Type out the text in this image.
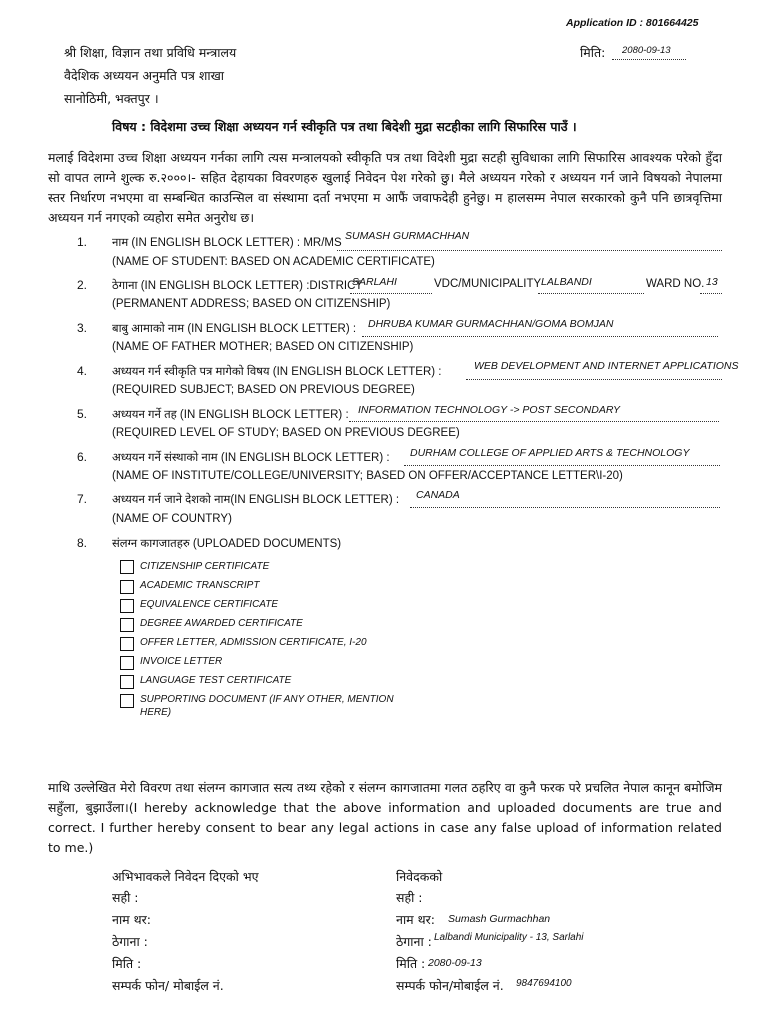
Application ID : 801664425
श्री शिक्षा, विज्ञान तथा प्रविधि मन्त्रालय
वैदेशिक अध्ययन अनुमति पत्र शाखा
सानोठिमी, भक्तपुर ।
मिति: 2080-09-13
विषय : विदेशमा उच्च शिक्षा अध्ययन गर्न स्वीकृति पत्र तथा बिदेशी मुद्रा सटहीका लागि सिफारिस पाउँ ।
मलाई विदेशमा उच्च शिक्षा अध्ययन गर्नका लागि त्यस मन्त्रालयको स्वीकृति पत्र तथा विदेशी मुद्रा सटही सुविधाका लागि सिफारिस आवश्यक परेको हुँदा सो वापत लाग्ने शुल्क रु.२०००।- सहित देहायका विवरणहरु खुलाई निवेदन पेश गरेको छु। मैले अध्ययन गरेको र अध्ययन गर्न जाने विषयको नेपालमा स्तर निर्धारण नभएमा वा सम्बन्धित काउन्सिल वा संस्थामा दर्ता नभएमा म आफैं जवाफदेही हुनेछु। म हालसम्म नेपाल सरकारको कुनै पनि छात्रवृत्तिमा अध्ययन गर्न नगएको व्यहोरा समेत अनुरोध छ।
1. नाम (IN ENGLISH BLOCK LETTER) : MR/MS
SUMASH GURMACHHAN
(NAME OF STUDENT: BASED ON ACADEMIC CERTIFICATE)
2. ठेगाना (IN ENGLISH BLOCK LETTER) :DISTRICT
SARLAHI	VDC/MUNICIPALITY LALBANDI	WARD NO. 13
(PERMANENT ADDRESS; BASED ON CITIZENSHIP)
3. बाबु आमाको नाम (IN ENGLISH BLOCK LETTER) : DHRUBA KUMAR GURMACHHAN/GOMA BOMJAN
(NAME OF FATHER MOTHER; BASED ON CITIZENSHIP)
4. अध्ययन गर्न स्वीकृति पत्र मागेको विषय (IN ENGLISH BLOCK LETTER) :	WEB DEVELOPMENT AND INTERNET APPLICATIONS
(REQUIRED SUBJECT; BASED ON PREVIOUS DEGREE)
5. अध्ययन गर्ने तह (IN ENGLISH BLOCK LETTER) : INFORMATION TECHNOLOGY -> POST SECONDARY
(REQUIRED LEVEL OF STUDY; BASED ON PREVIOUS DEGREE)
6. अध्ययन गर्ने संस्थाको नाम (IN ENGLISH BLOCK LETTER) : DURHAM COLLEGE OF APPLIED ARTS & TECHNOLOGY
(NAME OF INSTITUTE/COLLEGE/UNIVERSITY; BASED ON OFFER/ACCEPTANCE LETTER\I-20)
7. अध्ययन गर्न जाने देशको नाम(IN ENGLISH BLOCK LETTER) : CANADA
(NAME OF COUNTRY)
8. संलग्न कागजातहरु (UPLOADED DOCUMENTS)
CITIZENSHIP CERTIFICATE
ACADEMIC TRANSCRIPT
EQUIVALENCE CERTIFICATE
DEGREE AWARDED CERTIFICATE
OFFER LETTER, ADMISSION CERTIFICATE, I-20
INVOICE LETTER
LANGUAGE TEST CERTIFICATE
SUPPORTING DOCUMENT (IF ANY OTHER, MENTION
HERE)
माथि उल्लेखित मेरो विवरण तथा संलग्न कागजात सत्य तथ्य रहेको र संलग्न कागजातमा गलत ठहरिए वा कुनै फरक परे प्रचलित नेपाल कानून बमोजिम सहुँला, बुझाउँला।(I hereby acknowledge that the above information and uploaded documents are true and correct. I further hereby consent to bear any legal actions in case any false upload of information related to me.)
अभिभावकले निवेदन दिएको भए
सही :
नाम थर:
ठेगाना :
मिति :
सम्पर्क फोन/ मोबाईल नं.
निवेदकको
सही :
नाम थर: Sumash Gurmachhan
ठेगाना : Lalbandi Municipality - 13, Sarlahi
मिति : 2080-09-13
सम्पर्क फोन/मोबाईल नं. 9847694100
